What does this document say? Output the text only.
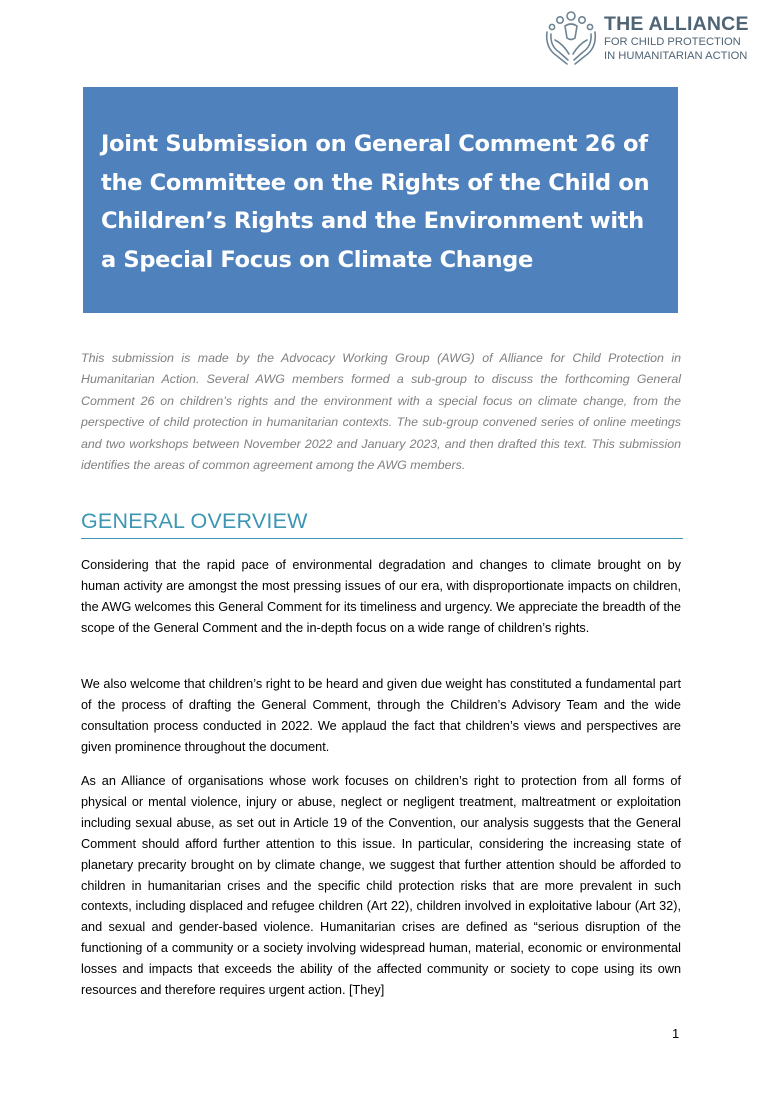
THE ALLIANCE
FOR CHILD PROTECTION
IN HUMANITARIAN ACTION
Joint Submission on General Comment 26 of the Committee on the Rights of the Child on Children’s Rights and the Environment with a Special Focus on Climate Change

This submission is made by the Advocacy Working Group (AWG) of Alliance for Child Protection in Humanitarian Action. Several AWG members formed a sub-group to discuss the forthcoming General Comment 26 on children’s rights and the environment with a special focus on climate change, from the perspective of child protection in humanitarian contexts. The sub-group convened series of online meetings and two workshops between November 2022 and January 2023, and then drafted this text. This submission identifies the areas of common agreement among the AWG members.

GENERAL OVERVIEW

Considering that the rapid pace of environmental degradation and changes to climate brought on by human activity are amongst the most pressing issues of our era, with disproportionate impacts on children, the AWG welcomes this General Comment for its timeliness and urgency. We appreciate the breadth of the scope of the General Comment and the in-depth focus on a wide range of children’s rights.

We also welcome that children’s right to be heard and given due weight has constituted a fundamental part of the process of drafting the General Comment, through the Children’s Advisory Team and the wide consultation process conducted in 2022. We applaud the fact that children’s views and perspectives are given prominence throughout the document.

As an Alliance of organisations whose work focuses on children’s right to protection from all forms of physical or mental violence, injury or abuse, neglect or negligent treatment, maltreatment or exploitation including sexual abuse, as set out in Article 19 of the Convention, our analysis suggests that the General Comment should afford further attention to this issue. In particular, considering the increasing state of planetary precarity brought on by climate change, we suggest that further attention should be afforded to children in humanitarian crises and the specific child protection risks that are more prevalent in such contexts, including displaced and refugee children (Art 22), children involved in exploitative labour (Art 32), and sexual and gender-based violence. Humanitarian crises are defined as “serious disruption of the functioning of a community or a society involving widespread human, material, economic or environmental losses and impacts that exceeds the ability of the affected community or society to cope using its own resources and therefore requires urgent action. [They]

1
